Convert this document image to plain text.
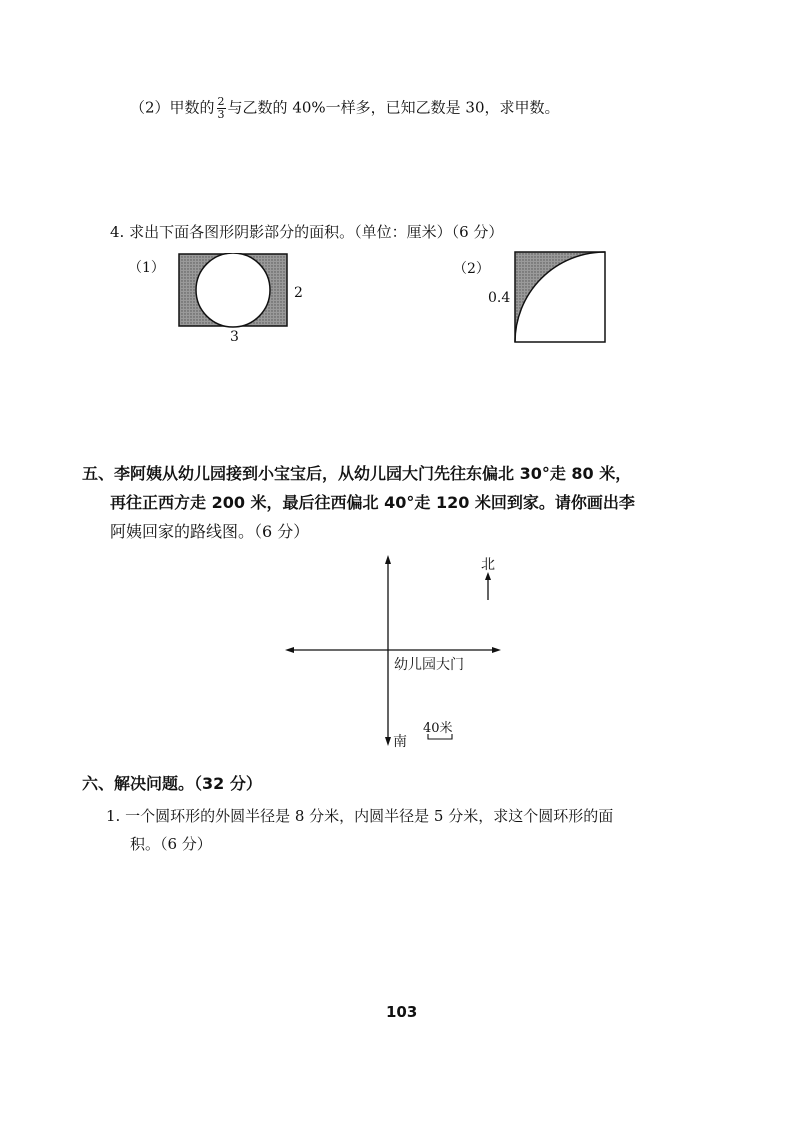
（2）甲数的 $\frac{2}{3}$ 与乙数的 40%一样多，已知乙数是 30，求甲数。
4. 求出下面各图形阴影部分的面积。（单位：厘米）（6 分）
（1）
2
3
（2）
0.4
五、李阿姨从幼儿园接到小宝宝后，从幼儿园大门先往东偏北 30°走 80 米，
再往正西方走 200 米，最后往西偏北 40°走 120 米回到家。请你画出李
阿姨回家的路线图。（6 分）
北
幼儿园大门
南
40米
六、解决问题。（32 分）
1. 一个圆环形的外圆半径是 8 分米，内圆半径是 5 分米，求这个圆环形的面
积。（6 分）
103
